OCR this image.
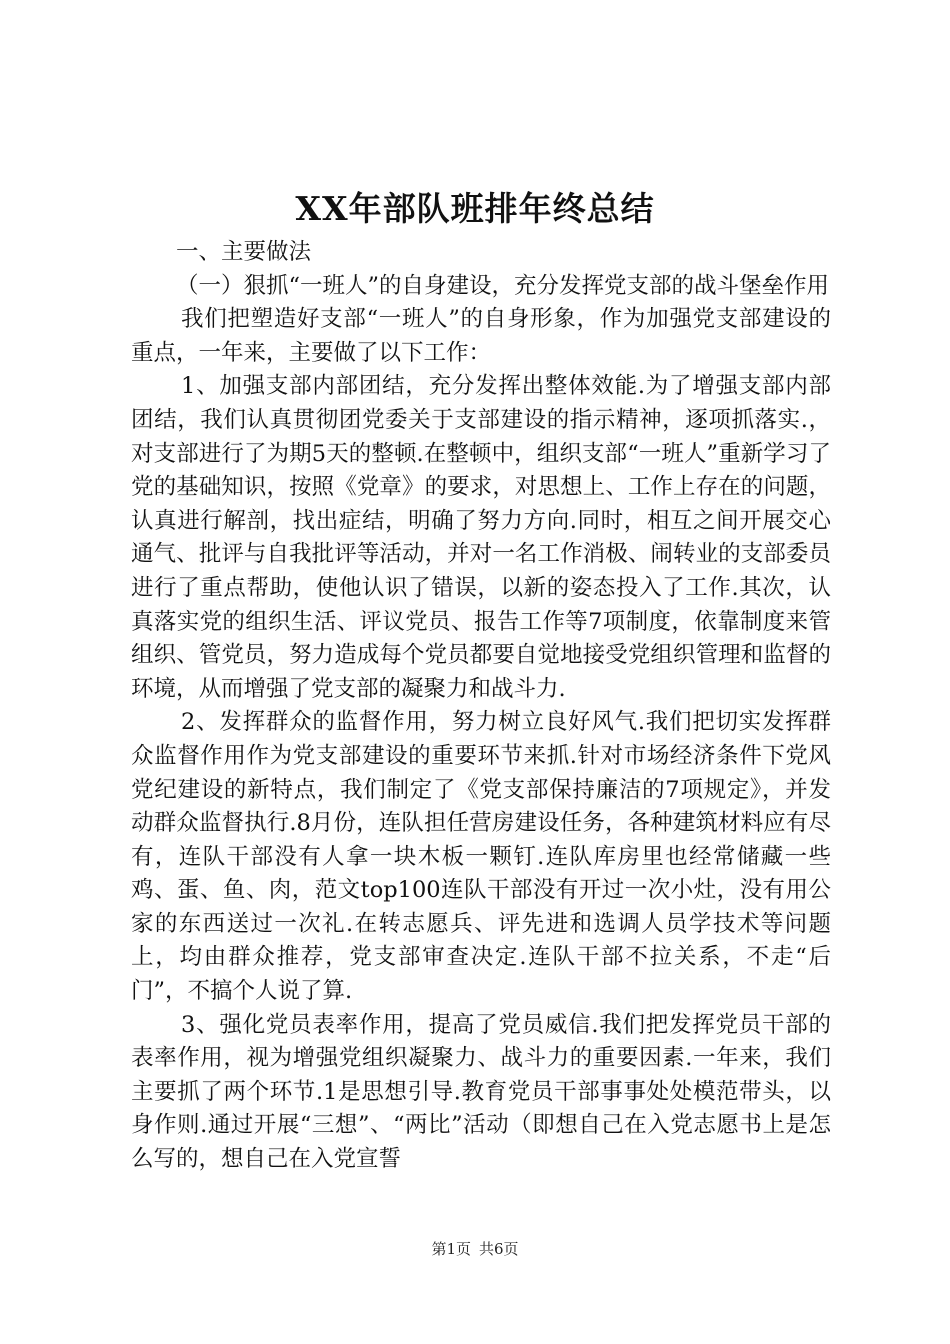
XX年部队班排年终总结

一、主要做法

（一）狠抓“一班人”的自身建设，充分发挥党支部的战斗堡垒作用

我们把塑造好支部“一班人”的自身形象，作为加强党支部建设的重点，一年来，主要做了以下工作：

1、加强支部内部团结，充分发挥出整体效能.为了增强支部内部团结，我们认真贯彻团党委关于支部建设的指示精神，逐项抓落实.，对支部进行了为期5天的整顿.在整顿中，组织支部“一班人”重新学习了党的基础知识，按照《党章》的要求，对思想上、工作上存在的问题，认真进行解剖，找出症结，明确了努力方向.同时，相互之间开展交心通气、批评与自我批评等活动，并对一名工作消极、闹转业的支部委员进行了重点帮助，使他认识了错误，以新的姿态投入了工作.其次，认真落实党的组织生活、评议党员、报告工作等7项制度，依靠制度来管组织、管党员，努力造成每个党员都要自觉地接受党组织管理和监督的环境，从而增强了党支部的凝聚力和战斗力.

2、发挥群众的监督作用，努力树立良好风气.我们把切实发挥群众监督作用作为党支部建设的重要环节来抓.针对市场经济条件下党风党纪建设的新特点，我们制定了《党支部保持廉洁的7项规定》，并发动群众监督执行.8月份，连队担任营房建设任务，各种建筑材料应有尽有，连队干部没有人拿一块木板一颗钉.连队库房里也经常储藏一些鸡、蛋、鱼、肉，范文top100连队干部没有开过一次小灶，没有用公家的东西送过一次礼.在转志愿兵、评先进和选调人员学技术等问题上，均由群众推荐，党支部审查决定.连队干部不拉关系，不走“后门”，不搞个人说了算.

3、强化党员表率作用，提高了党员威信.我们把发挥党员干部的表率作用，视为增强党组织凝聚力、战斗力的重要因素.一年来，我们主要抓了两个环节.1是思想引导.教育党员干部事事处处模范带头，以身作则.通过开展“三想”、“两比”活动（即想自己在入党志愿书上是怎么写的，想自己在入党宣誓

第1页 共6页
